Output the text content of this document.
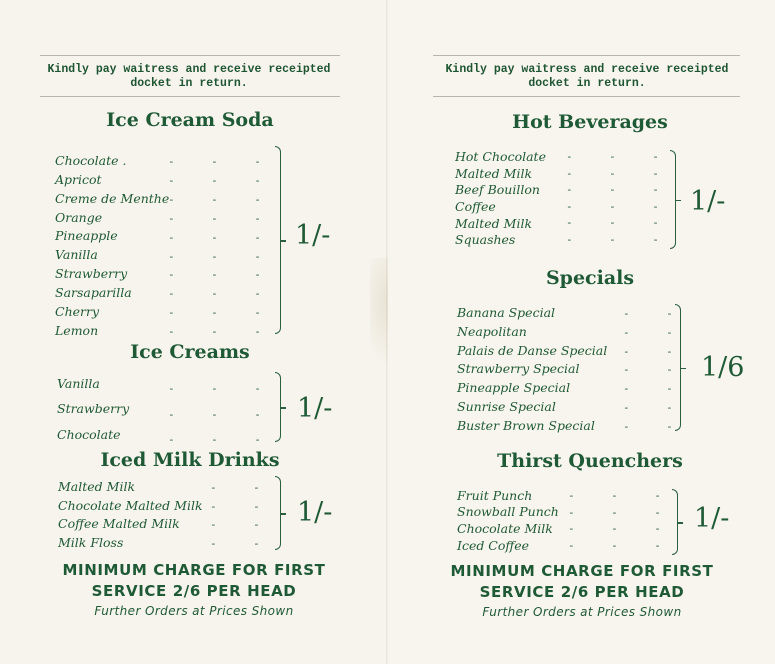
Kindly pay waitress and receive receipted docket in return.
Ice Cream Soda
Chocolate .
Apricot
Creme de Menthe
Orange
Pineapple
Vanilla
Strawberry
Sarsaparilla
Cherry
Lemon
-    -    -
-    -    -
-    -    -
-    -    -
-    -    -
-    -    -
-    -    -
-    -    -
-    -    -
-    -    -
1/-
Ice Creams
Vanilla
Strawberry
Chocolate
-    -    -
-    -    -
-    -    -
1/-
Iced Milk Drinks
Malted Milk
Chocolate Malted Milk
Coffee Malted Milk
Milk Floss
-    -
-    -
-    -
-    -
1/-
MINIMUM CHARGE FOR FIRST
SERVICE 2/6 PER HEAD
Further Orders at Prices Shown
Kindly pay waitress and receive receipted docket in return.
Hot Beverages
Hot Chocolate
Malted Milk
Beef Bouillon
Coffee
Malted Milk
Squashes
-    -    -
-    -    -
-    -    -
-    -    -
-    -    -
-    -    -
1/-
Specials
Banana Special
Neapolitan
Palais de Danse Special
Strawberry Special
Pineapple Special
Sunrise Special
Buster Brown Special
-    -
-    -
-    -
-    -
-    -
-    -
-    -
1/6
Thirst Quenchers
Fruit Punch
Snowball Punch
Chocolate Milk
Iced Coffee
-    -    -
-    -    -
-    -    -
-    -    -
1/-
MINIMUM CHARGE FOR FIRST
SERVICE 2/6 PER HEAD
Further Orders at Prices Shown
